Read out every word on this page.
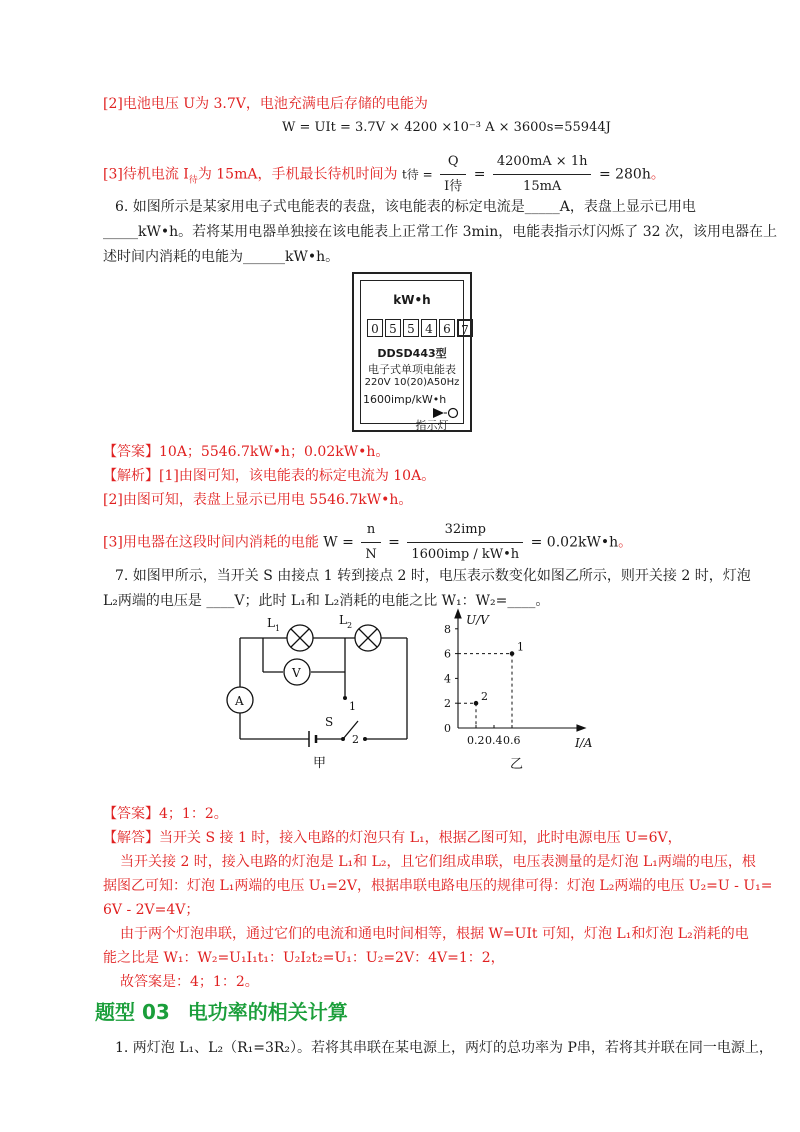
[2]电池电压 U为 3.7V，电池充满电后存储的电能为
W = UIt = 3.7V × 4200 ×10⁻³ A × 3600s=55944J
[3]待机电流 $I_待$为 15mA，手机最长待机时间为 t待 = $\frac{Q}{\text{I待}} = \frac{4200mA \times 1h}{15mA} = 280h$。
6. 如图所示是某家用电子式电能表的表盘，该电能表的标定电流是_____A，表盘上显示已用电
_____kW•h。若将某用电器单独接在该电能表上正常工作 3min，电能表指示灯闪烁了 32 次，该用电器在上
述时间内消耗的电能为______kW•h。
kW•h
0 5 5 4 6 7
DDSD443型
电子式单项电能表
220V 10(20)A50Hz
1600imp/kW•h
指示灯
【答案】10A；5546.7kW•h；0.02kW•h。
【解析】[1]由图可知，该电能表的标定电流为 10A。
[2]由图可知，表盘上显示已用电 5546.7kW•h。
[3]用电器在这段时间内消耗的电能 $W = \frac{n}{N} = \frac{\text{32imp}}{\text{1600imp / kW•h}}$ = 0.02kW•h。
7. 如图甲所示，当开关 S 由接点 1 转到接点 2 时，电压表示数变化如图乙所示，则开关接 2 时，灯泡
L₂两端的电压是 ____V；此时 L₁和 L₂消耗的电能之比 W₁：W₂=____。
L 1
L 2
V
A
S
1
2
甲
8
6
4
2
0
0.2 0.4 0.6
1
2
U/V
I/A
乙
【答案】4；1：2。
【解答】当开关 S 接 1 时，接入电路的灯泡只有 L₁，根据乙图可知，此时电源电压 U=6V，
当开关接 2 时，接入电路的灯泡是 L₁和 L₂，且它们组成串联，电压表测量的是灯泡 L₁两端的电压，根
据图乙可知：灯泡 L₁两端的电压 U₁=2V，根据串联电路电压的规律可得：灯泡 L₂两端的电压 U₂=U - U₁=
6V - 2V=4V；
由于两个灯泡串联，通过它们的电流和通电时间相等，根据 W=UIt 可知，灯泡 L₁和灯泡 L₂消耗的电
能之比是 W₁：W₂=U₁I₁t₁：U₂I₂t₂=U₁：U₂=2V：4V=1：2，
故答案是：4；1：2。
题型 03 电功率的相关计算
1. 两灯泡 L₁、L₂（R₁=3R₂）。若将其串联在某电源上，两灯的总功率为 P串，若将其并联在同一电源上，
